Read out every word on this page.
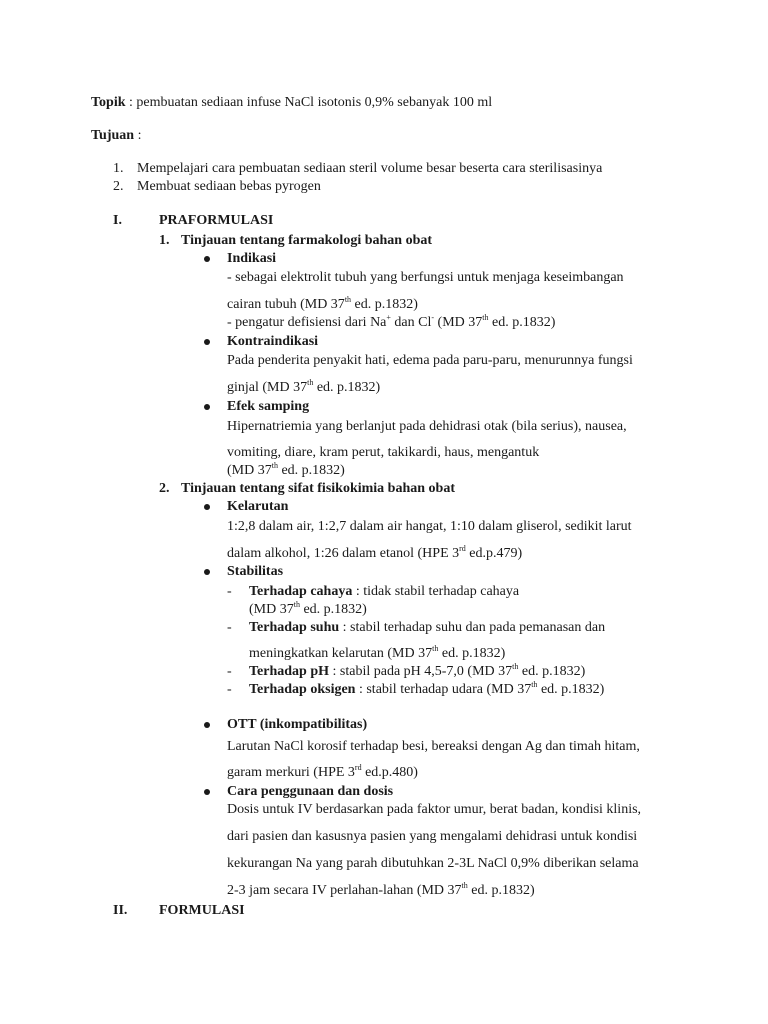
Topik : pembuatan sediaan infuse NaCl isotonis 0,9% sebanyak 100 ml
Tujuan :
1. Mempelajari cara pembuatan sediaan steril volume besar beserta cara sterilisasinya
2. Membuat sediaan bebas pyrogen
I.	PRAFORMULASI
1. Tinjauan tentang farmakologi bahan obat
Indikasi
- sebagai elektrolit tubuh yang berfungsi untuk menjaga keseimbangan
cairan tubuh (MD 37th ed. p.1832)
- pengatur defisiensi dari Na+ dan Cl- (MD 37th ed. p.1832)
Kontraindikasi
Pada penderita penyakit hati, edema pada paru-paru, menurunnya fungsi
ginjal (MD 37th ed. p.1832)
Efek samping
Hipernatriemia yang berlanjut pada dehidrasi otak (bila serius), nausea,
vomiting, diare, kram perut, takikardi, haus, mengantuk
(MD 37th ed. p.1832)
2. Tinjauan tentang sifat fisikokimia bahan obat
Kelarutan
1:2,8 dalam air, 1:2,7 dalam air hangat, 1:10 dalam gliserol, sedikit larut
dalam alkohol, 1:26 dalam etanol (HPE 3rd ed.p.479)
Stabilitas
- Terhadap cahaya : tidak stabil terhadap cahaya
(MD 37th ed. p.1832)
- Terhadap suhu : stabil terhadap suhu dan pada pemanasan dan
meningkatkan kelarutan (MD 37th ed. p.1832)
- Terhadap pH : stabil pada pH 4,5-7,0 (MD 37th ed. p.1832)
- Terhadap oksigen : stabil terhadap udara (MD 37th ed. p.1832)
OTT (inkompatibilitas)
Larutan NaCl korosif terhadap besi, bereaksi dengan Ag dan timah hitam,
garam merkuri (HPE 3rd ed.p.480)
Cara penggunaan dan dosis
Dosis untuk IV berdasarkan pada faktor umur, berat badan, kondisi klinis,
dari pasien dan kasusnya pasien yang mengalami dehidrasi untuk kondisi
kekurangan Na yang parah dibutuhkan 2-3L NaCl 0,9% diberikan selama
2-3 jam secara IV perlahan-lahan (MD 37th ed. p.1832)
II. FORMULASI
